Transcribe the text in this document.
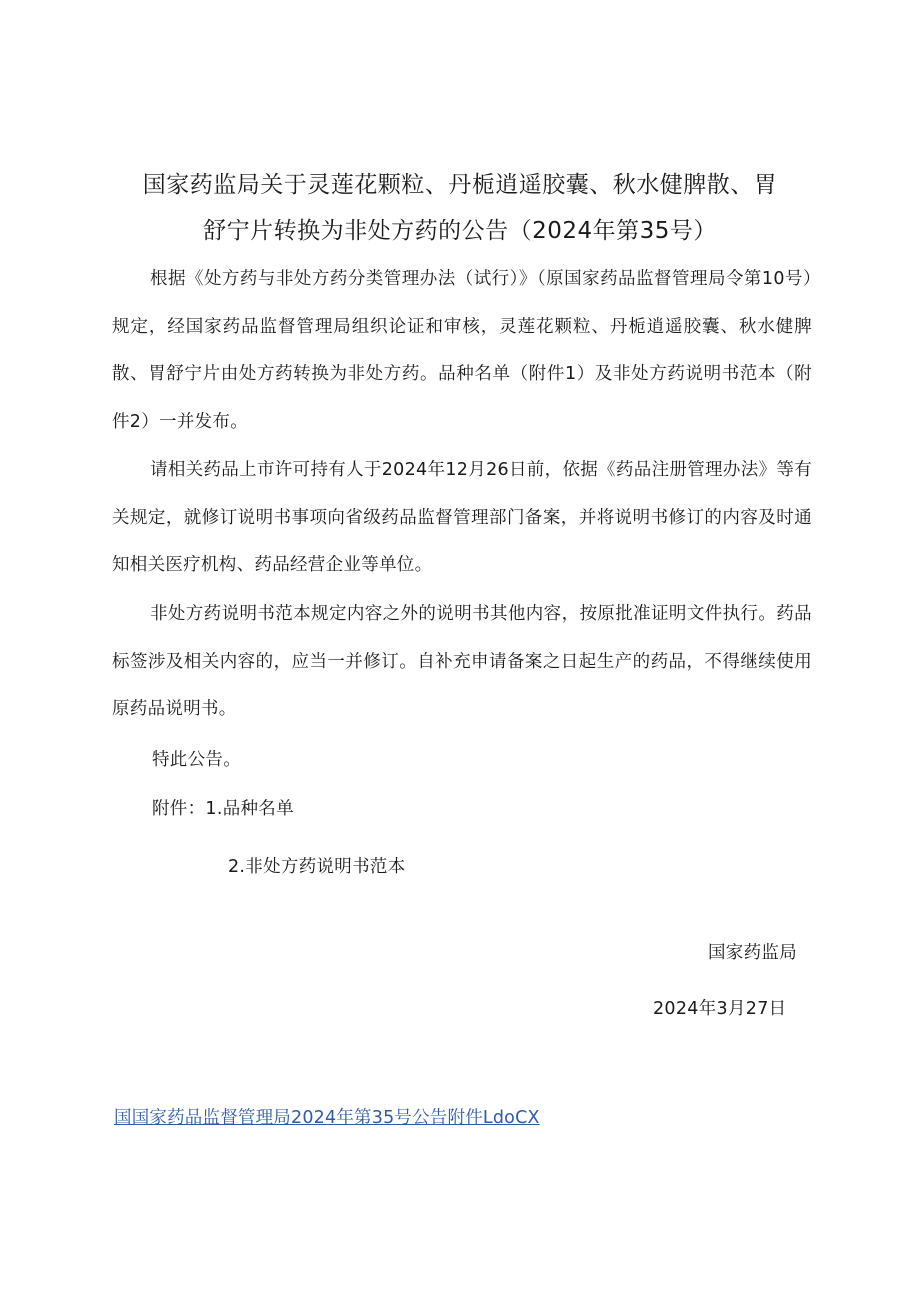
国家药监局关于灵莲花颗粒、丹栀逍遥胶囊、秋水健脾散、胃
舒宁片转换为非处方药的公告（2024年第35号）

根据《处方药与非处方药分类管理办法（试行）》（原国家药品监督管理局令第10号）规定，经国家药品监督管理局组织论证和审核，灵莲花颗粒、丹栀逍遥胶囊、秋水健脾散、胃舒宁片由处方药转换为非处方药。品种名单（附件1）及非处方药说明书范本（附件2）一并发布。

请相关药品上市许可持有人于2024年12月26日前，依据《药品注册管理办法》等有关规定，就修订说明书事项向省级药品监督管理部门备案，并将说明书修订的内容及时通知相关医疗机构、药品经营企业等单位。

非处方药说明书范本规定内容之外的说明书其他内容，按原批准证明文件执行。药品标签涉及相关内容的，应当一并修订。自补充申请备案之日起生产的药品，不得继续使用原药品说明书。

特此公告。

附件：1.品种名单

2.非处方药说明书范本

国家药监局

2024年3月27日

国国家药品监督管理局2024年第35号公告附件LdoCX
